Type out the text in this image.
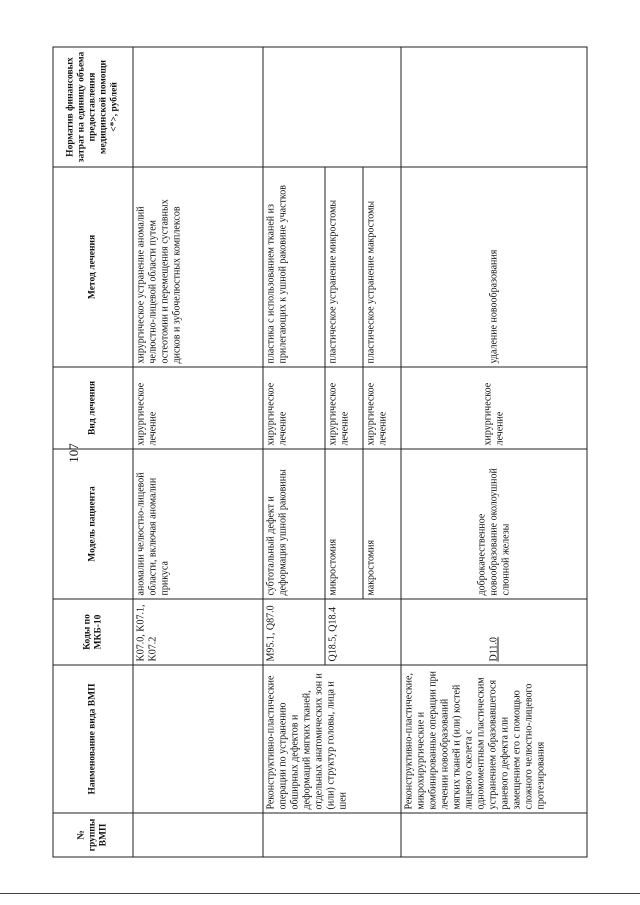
107
№ группы ВМП	Наименование вида ВМП	Коды по МКБ-10	Модель пациента	Вид лечения	Метод лечения	Норматив финансовых затрат на единицу объема предоставления медицинской помощи <*>, рублей
		K07.0, K07.1, K07.2	аномалии челюстно-лицевой области, включая аномалии прикуса	хирургическое лечение	хирургическое устранение аномалий челюстно-лицевой области путем остеотомии и перемещения суставных дисков и зубочелюстных комплексов	
	Реконструктивно-пластические операции по устранению обширных дефектов и деформаций мягких тканей, отдельных анатомических зон и (или) структур головы, лица и шеи	M95.1, Q87.0	субтотальный дефект и деформация ушной раковины	хирургическое лечение	пластика с использованием тканей из прилегающих к ушной раковине участков	
		Q18.5, Q18.4	микростомия	хирургическое лечение	пластическое устранение микростомы	
			макростомия	хирургическое лечение	пластическое устранение макростомы	
	Реконструктивно-пластические, микрохирургические и комбинированные операции при лечении новообразований мягких тканей и (или) костей лицевого скелета с одномоментным пластическим устранением образовавшегося раневого дефекта или замещением его с помощью сложного челюстно-лицевого протезирования	D11.0	доброкачественное новообразование околоушной слюнной железы	хирургическое лечение	удаление новообразования	
